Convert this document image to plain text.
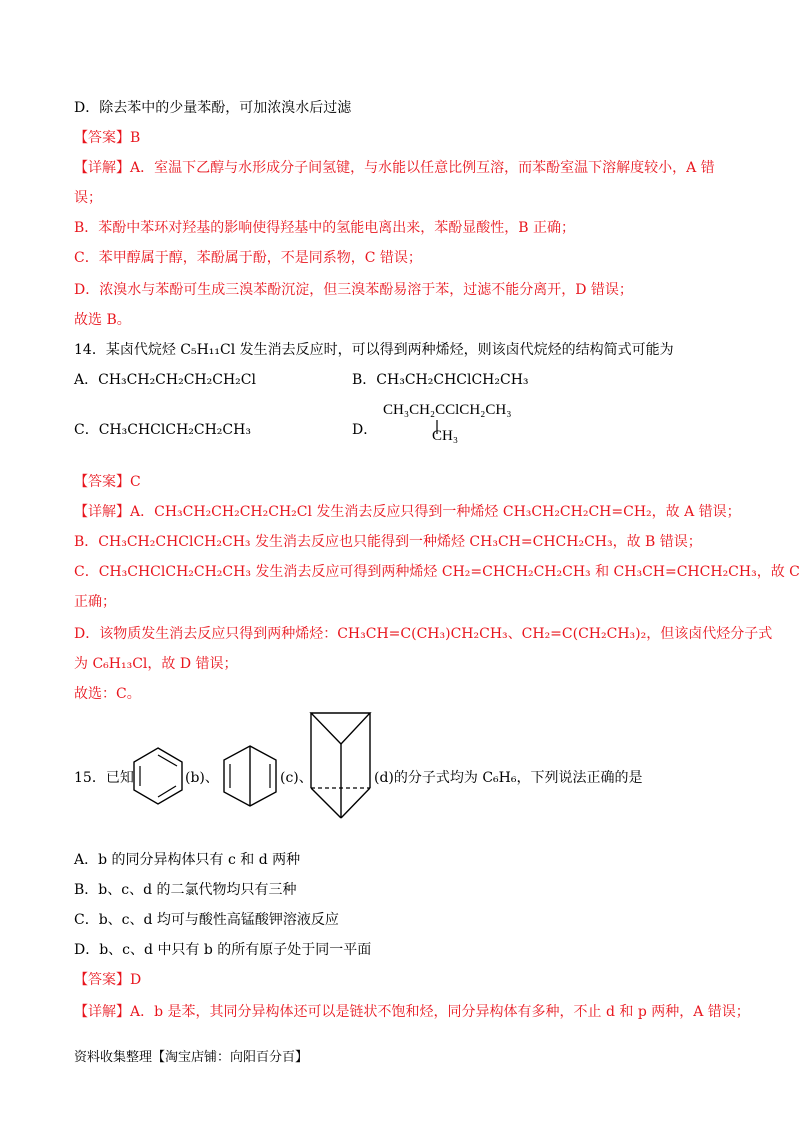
D．除去苯中的少量苯酚，可加浓溴水后过滤
【答案】B
【详解】A．室温下乙醇与水形成分子间氢键，与水能以任意比例互溶，而苯酚室温下溶解度较小，A 错
误；
B．苯酚中苯环对羟基的影响使得羟基中的氢能电离出来，苯酚显酸性，B 正确；
C．苯甲醇属于醇，苯酚属于酚，不是同系物，C 错误；
D．浓溴水与苯酚可生成三溴苯酚沉淀，但三溴苯酚易溶于苯，过滤不能分离开，D 错误；
故选 B。
14．某卤代烷烃 C₅H₁₁Cl 发生消去反应时，可以得到两种烯烃，则该卤代烷烃的结构简式可能为
A．CH₃CH₂CH₂CH₂CH₂Cl	B．CH₃CH₂CHClCH₂CH₃
C．CH₃CHClCH₂CH₂CH₃	D．
CH₃CH₂CClCH₂CH₃
CH₃
【答案】C
【详解】A．CH₃CH₂CH₂CH₂CH₂Cl 发生消去反应只得到一种烯烃 CH₃CH₂CH₂CH=CH₂，故 A 错误；
B．CH₃CH₂CHClCH₂CH₃ 发生消去反应也只能得到一种烯烃 CH₃CH=CHCH₂CH₃，故 B 错误；
C．CH₃CHClCH₂CH₂CH₃ 发生消去反应可得到两种烯烃 CH₂=CHCH₂CH₂CH₃ 和 CH₃CH=CHCH₂CH₃，故 C
正确；
D．该物质发生消去反应只得到两种烯烃：CH₃CH=C(CH₃)CH₂CH₃、CH₂=C(CH₂CH₃)₂，但该卤代烃分子式
为 C₆H₁₃Cl，故 D 错误；
故选：C。
15．已知	(b)、	(c)、	(d)的分子式均为 C₆H₆，下列说法正确的是
A．b 的同分异构体只有 c 和 d 两种
B．b、c、d 的二氯代物均只有三种
C．b、c、d 均可与酸性高锰酸钾溶液反应
D．b、c、d 中只有 b 的所有原子处于同一平面
【答案】D
【详解】A．b 是苯，其同分异构体还可以是链状不饱和烃，同分异构体有多种，不止 d 和 p 两种，A 错误；
资料收集整理【淘宝店铺：向阳百分百】
